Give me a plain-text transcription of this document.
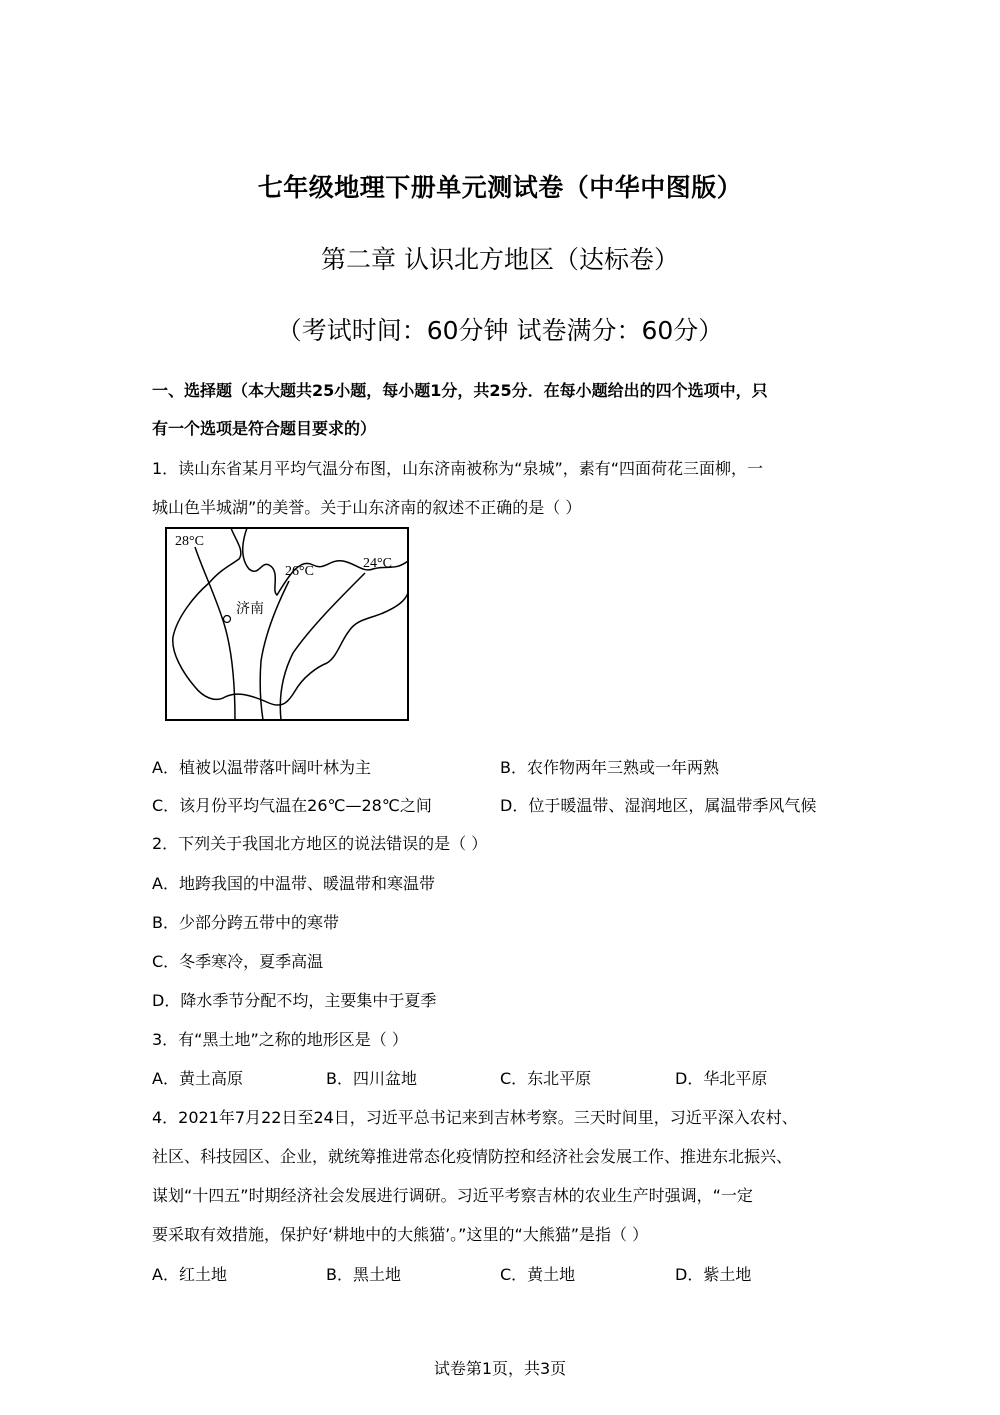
七年级地理下册单元测试卷（中华中图版）
第二章 认识北方地区（达标卷）
（考试时间：60分钟 试卷满分：60分）
一、选择题（本大题共25小题，每小题1分，共25分．在每小题给出的四个选项中，只
有一个选项是符合题目要求的）
1．读山东省某月平均气温分布图，山东济南被称为“泉城”，素有“四面荷花三面柳，一
城山色半城湖”的美誉。关于山东济南的叙述不正确的是（ ）
28°C
26°C
24°C
济南
A．植被以温带落叶阔叶林为主	B．农作物两年三熟或一年两熟
C．该月份平均气温在26℃—28℃之间	D．位于暖温带、湿润地区，属温带季风气候
2．下列关于我国北方地区的说法错误的是（ ）
A．地跨我国的中温带、暖温带和寒温带
B．少部分跨五带中的寒带
C．冬季寒冷，夏季高温
D．降水季节分配不均，主要集中于夏季
3．有“黑土地”之称的地形区是（ ）
A．黄土高原	B．四川盆地	C．东北平原	D．华北平原
4．2021年7月22日至24日，习近平总书记来到吉林考察。三天时间里，习近平深入农村、
社区、科技园区、企业，就统筹推进常态化疫情防控和经济社会发展工作、推进东北振兴、
谋划“十四五”时期经济社会发展进行调研。习近平考察吉林的农业生产时强调，“一定
要采取有效措施，保护好‘耕地中的大熊猫’。”这里的“大熊猫”是指（ ）
A．红土地	B．黑土地	C．黄土地	D．紫土地
试卷第1页，共3页
